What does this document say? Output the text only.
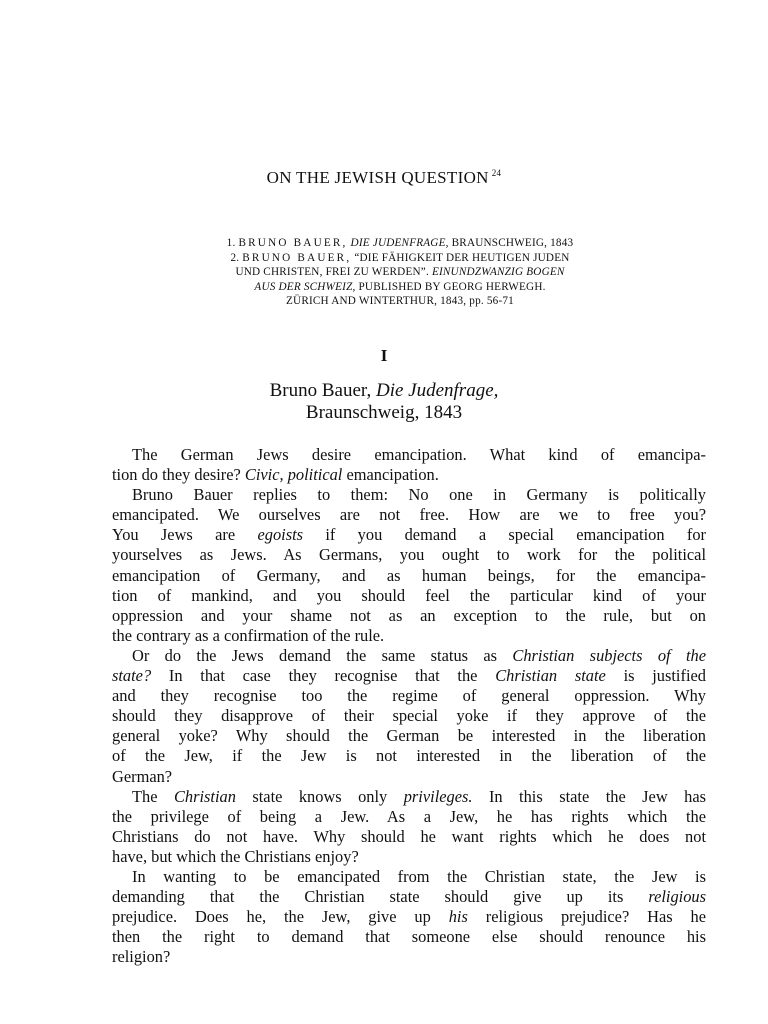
ON THE JEWISH QUESTION $^{24}$
1. BRUNO BAUER, DIE JUDENFRAGE, BRAUNSCHWEIG, 1843
2. BRUNO BAUER, “DIE FÄHIGKEIT DER HEUTIGEN JUDEN
UND CHRISTEN, FREI ZU WERDEN”. EINUNDZWANZIG BOGEN
AUS DER SCHWEIZ, PUBLISHED BY GEORG HERWEGH.
ZÜRICH AND WINTERTHUR, 1843, pp. 56-71
I
Bruno Bauer, Die Judenfrage,
Braunschweig, 1843
The German Jews desire emancipation. What kind of emancipa-
tion do they desire? Civic, political emancipation.
Bruno Bauer replies to them: No one in Germany is politically
emancipated. We ourselves are not free. How are we to free you?
You Jews are egoists if you demand a special emancipation for
yourselves as Jews. As Germans, you ought to work for the political
emancipation of Germany, and as human beings, for the emancipa-
tion of mankind, and you should feel the particular kind of your
oppression and your shame not as an exception to the rule, but on
the contrary as a confirmation of the rule.
Or do the Jews demand the same status as Christian subjects of the
state? In that case they recognise that the Christian state is justified
and they recognise too the regime of general oppression. Why
should they disapprove of their special yoke if they approve of the
general yoke? Why should the German be interested in the liberation
of the Jew, if the Jew is not interested in the liberation of the
German?
The Christian state knows only privileges. In this state the Jew has
the privilege of being a Jew. As a Jew, he has rights which the
Christians do not have. Why should he want rights which he does not
have, but which the Christians enjoy?
In wanting to be emancipated from the Christian state, the Jew is
demanding that the Christian state should give up its religious
prejudice. Does he, the Jew, give up his religious prejudice? Has he
then the right to demand that someone else should renounce his
religion?
